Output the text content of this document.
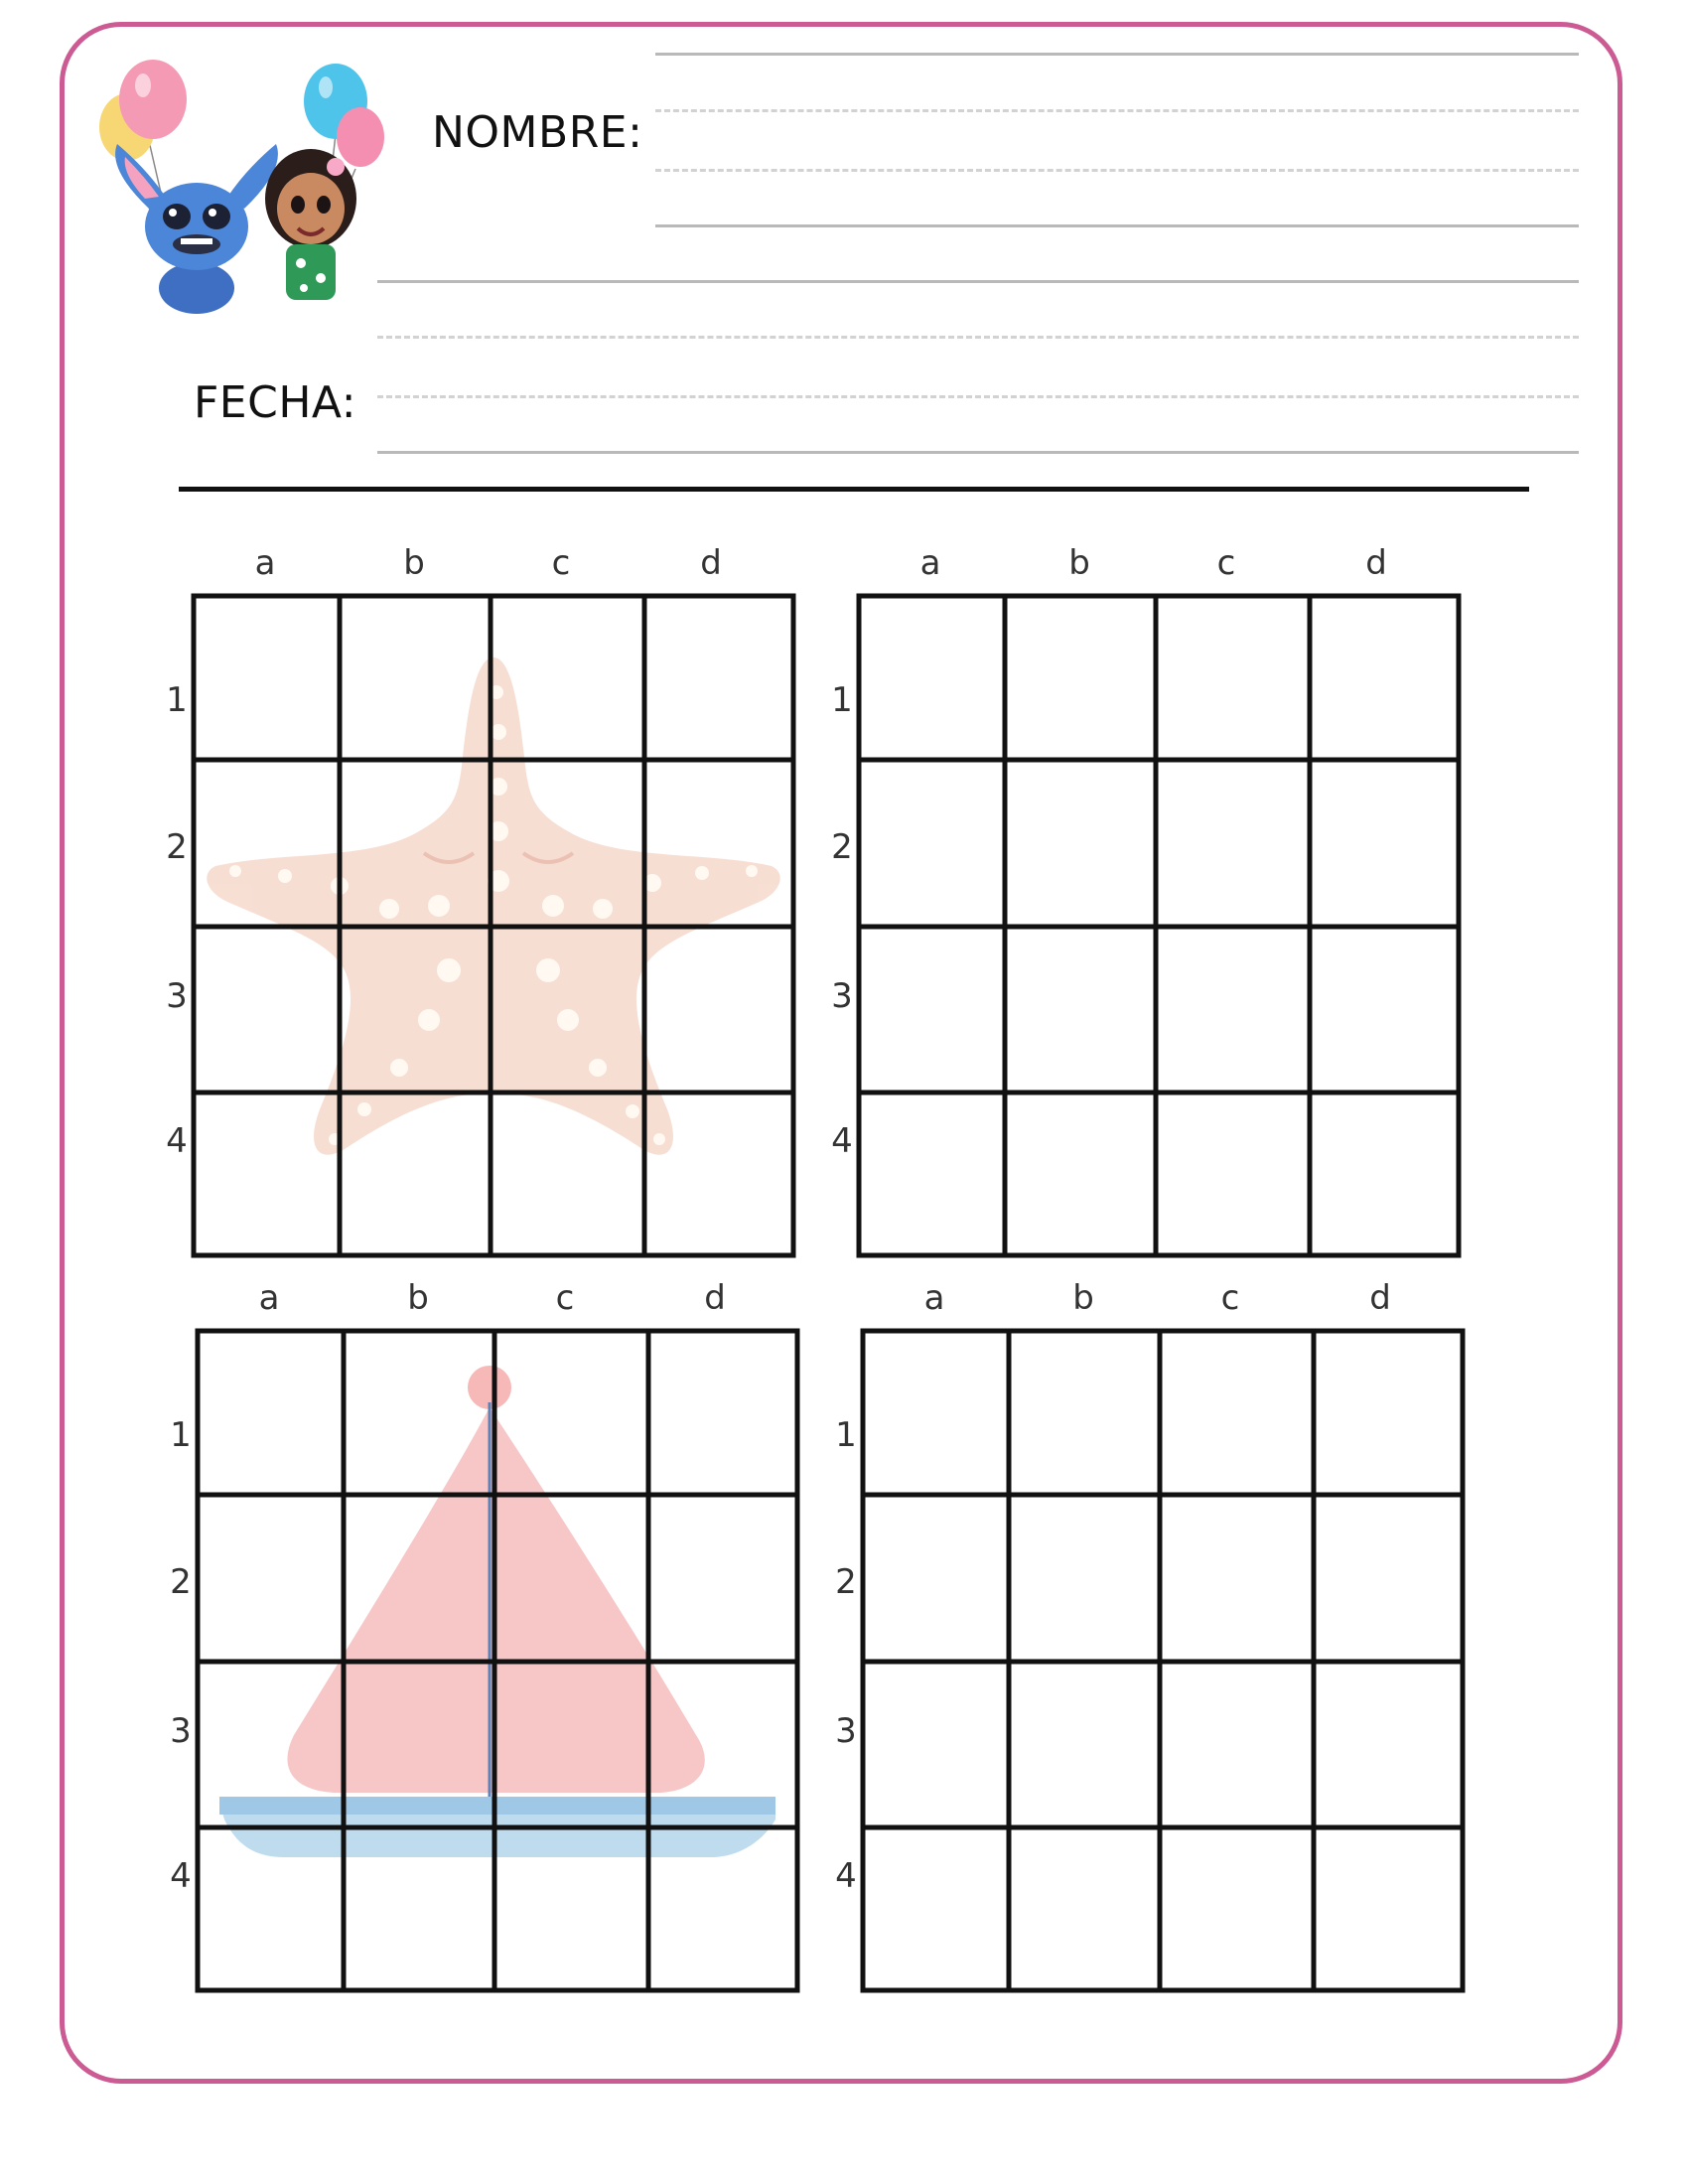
NOMBRE:
FECHA:
a	b	c	d
1
2
3
4
a	b	c	d
1
2
3
4
a	b	c	d
1
2
3
4
a	b	c	d
1
2
3
4
